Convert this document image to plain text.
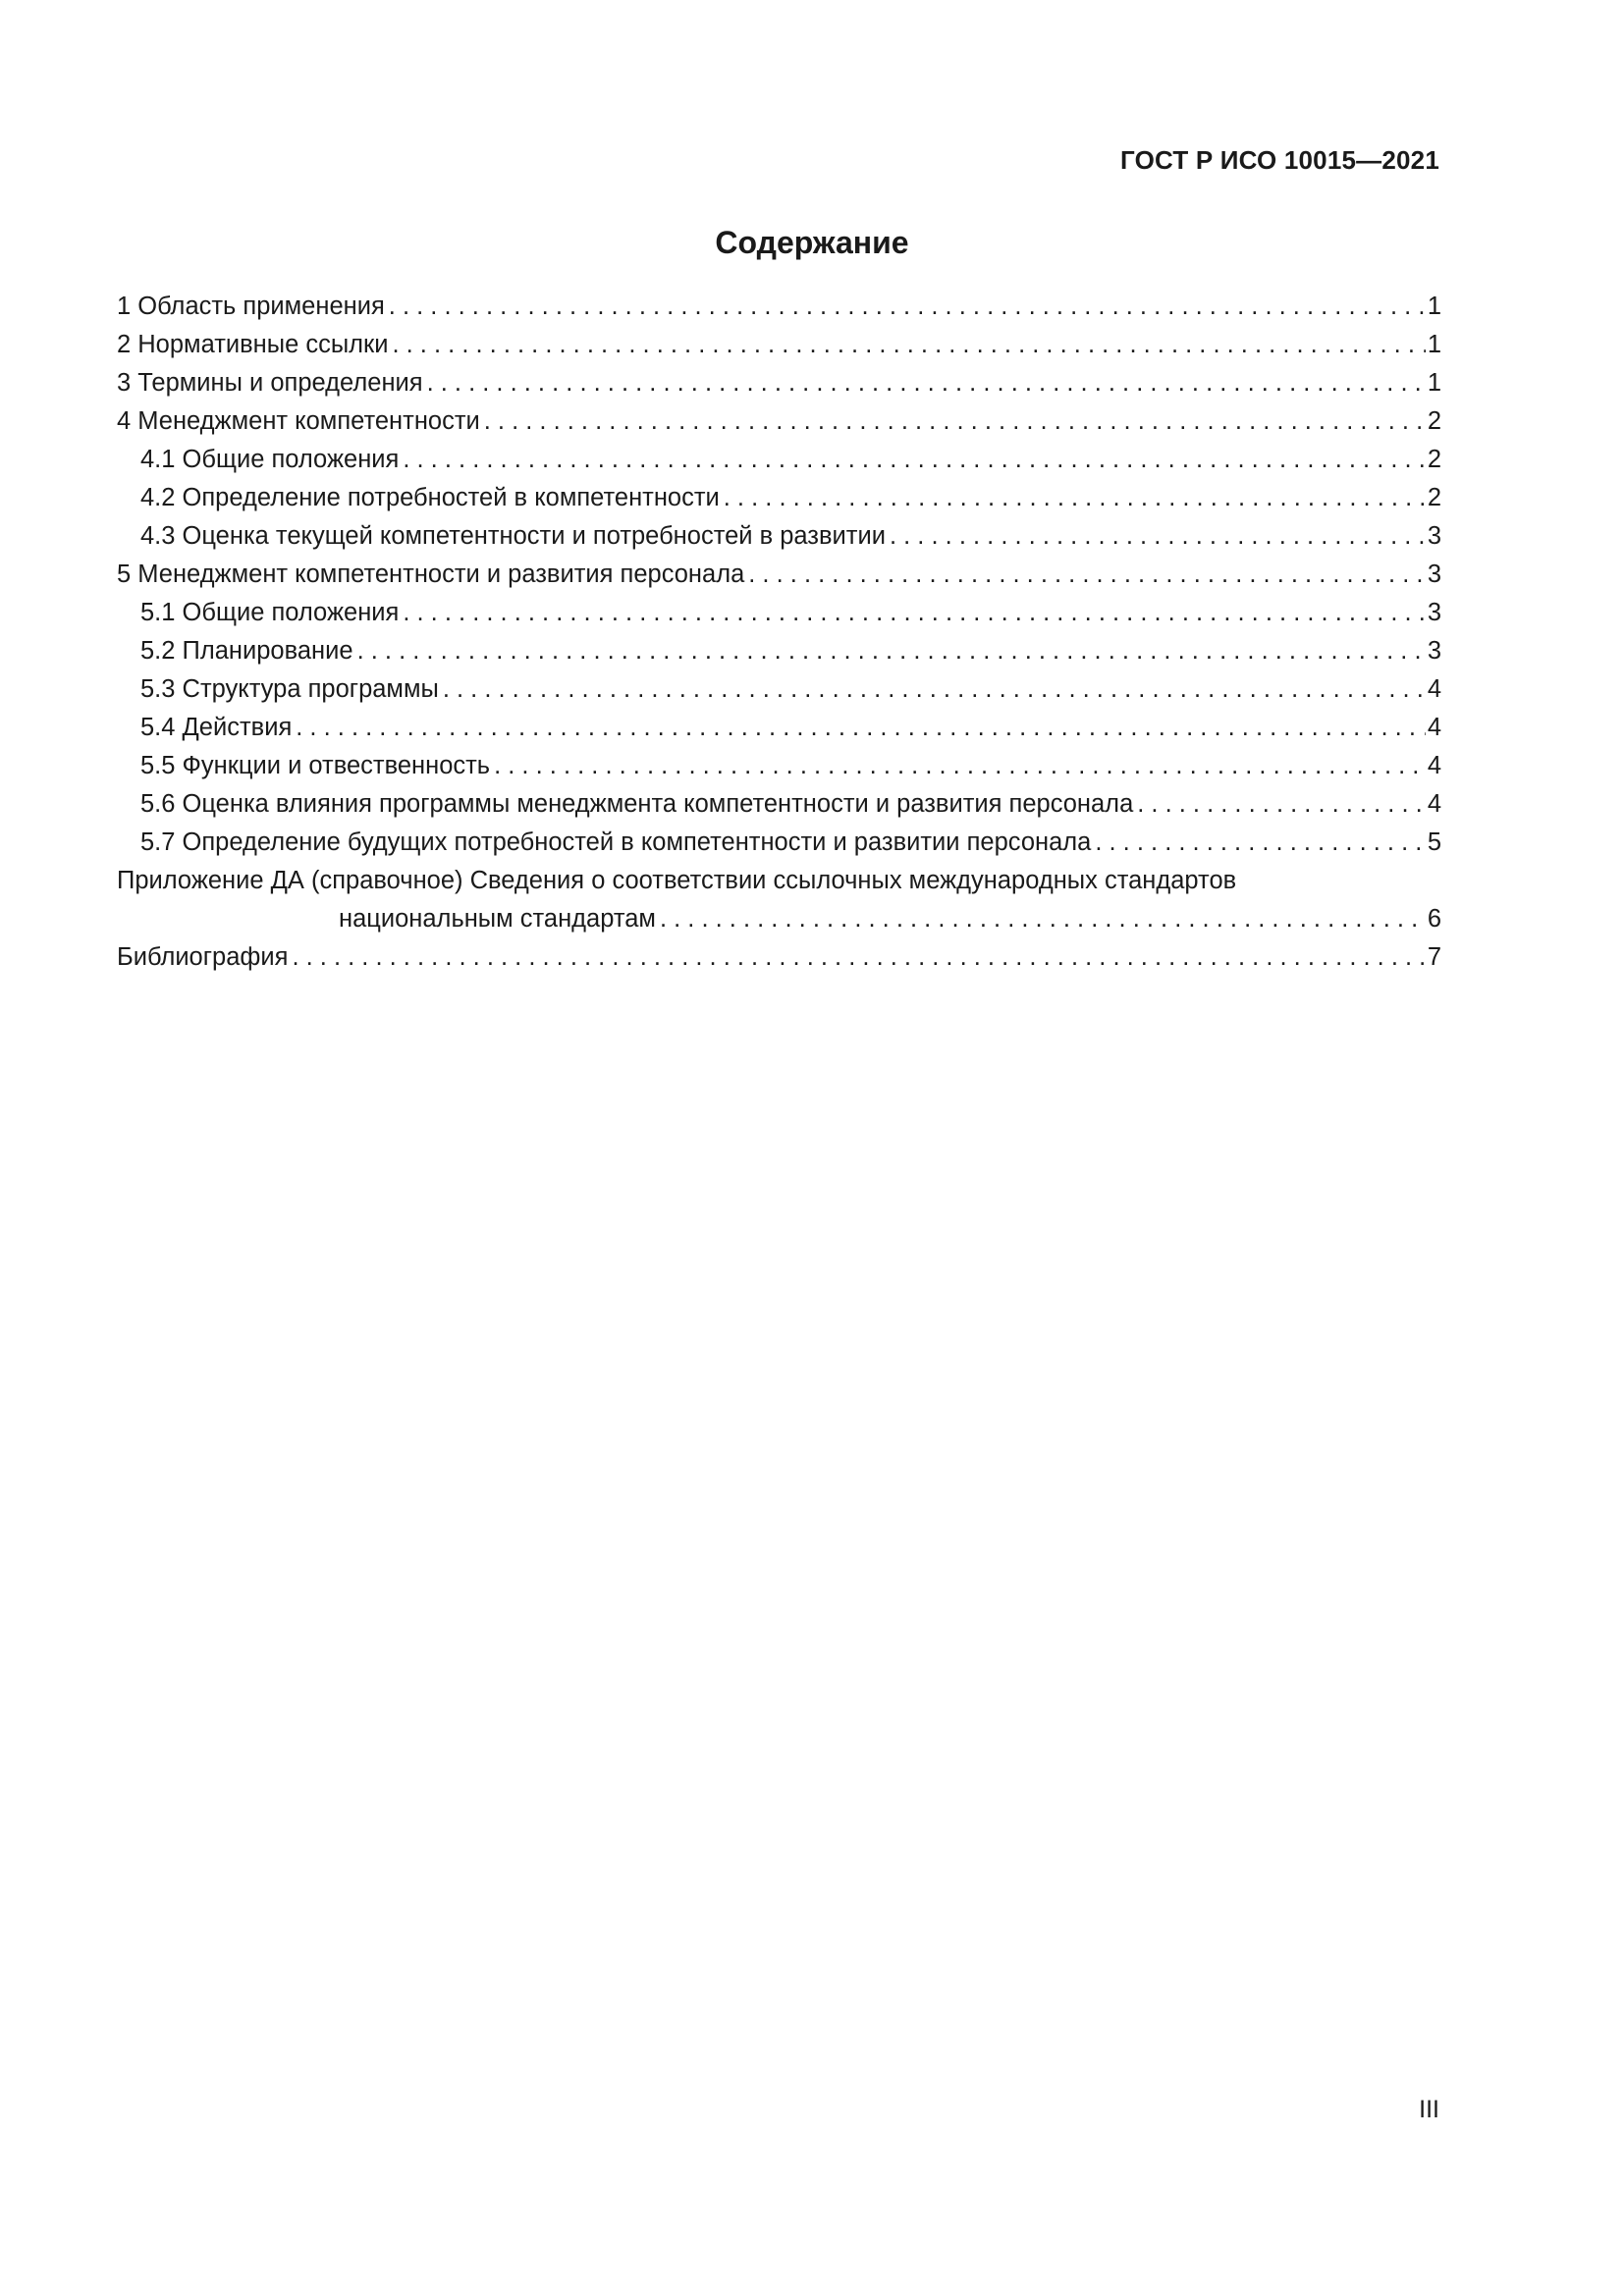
ГОСТ Р ИСО 10015—2021
Содержание
1 Область применения . . .	1
2 Нормативные ссылки . . .	1
3 Термины и определения . . .	1
4 Менеджмент компетентности . . .	2
4.1 Общие положения . . .	2
4.2 Определение потребностей в компетентности . . .	2
4.3 Оценка текущей компетентности и потребностей в развитии . . .	3
5 Менеджмент компетентности и развития персонала . . .	3
5.1 Общие положения . . .	3
5.2 Планирование . . .	3
5.3 Структура программы . . .	4
5.4 Действия . . .	4
5.5 Функции и отвественность . . .	4
5.6 Оценка влияния программы менеджмента компетентности и развития персонала . . .	4
5.7 Определение будущих потребностей в компетентности и развитии персонала . . .	5
Приложение ДА (справочное) Сведения о соответствии ссылочных международных стандартов
национальным стандартам . . .	6
Библиография . . .	7
III
